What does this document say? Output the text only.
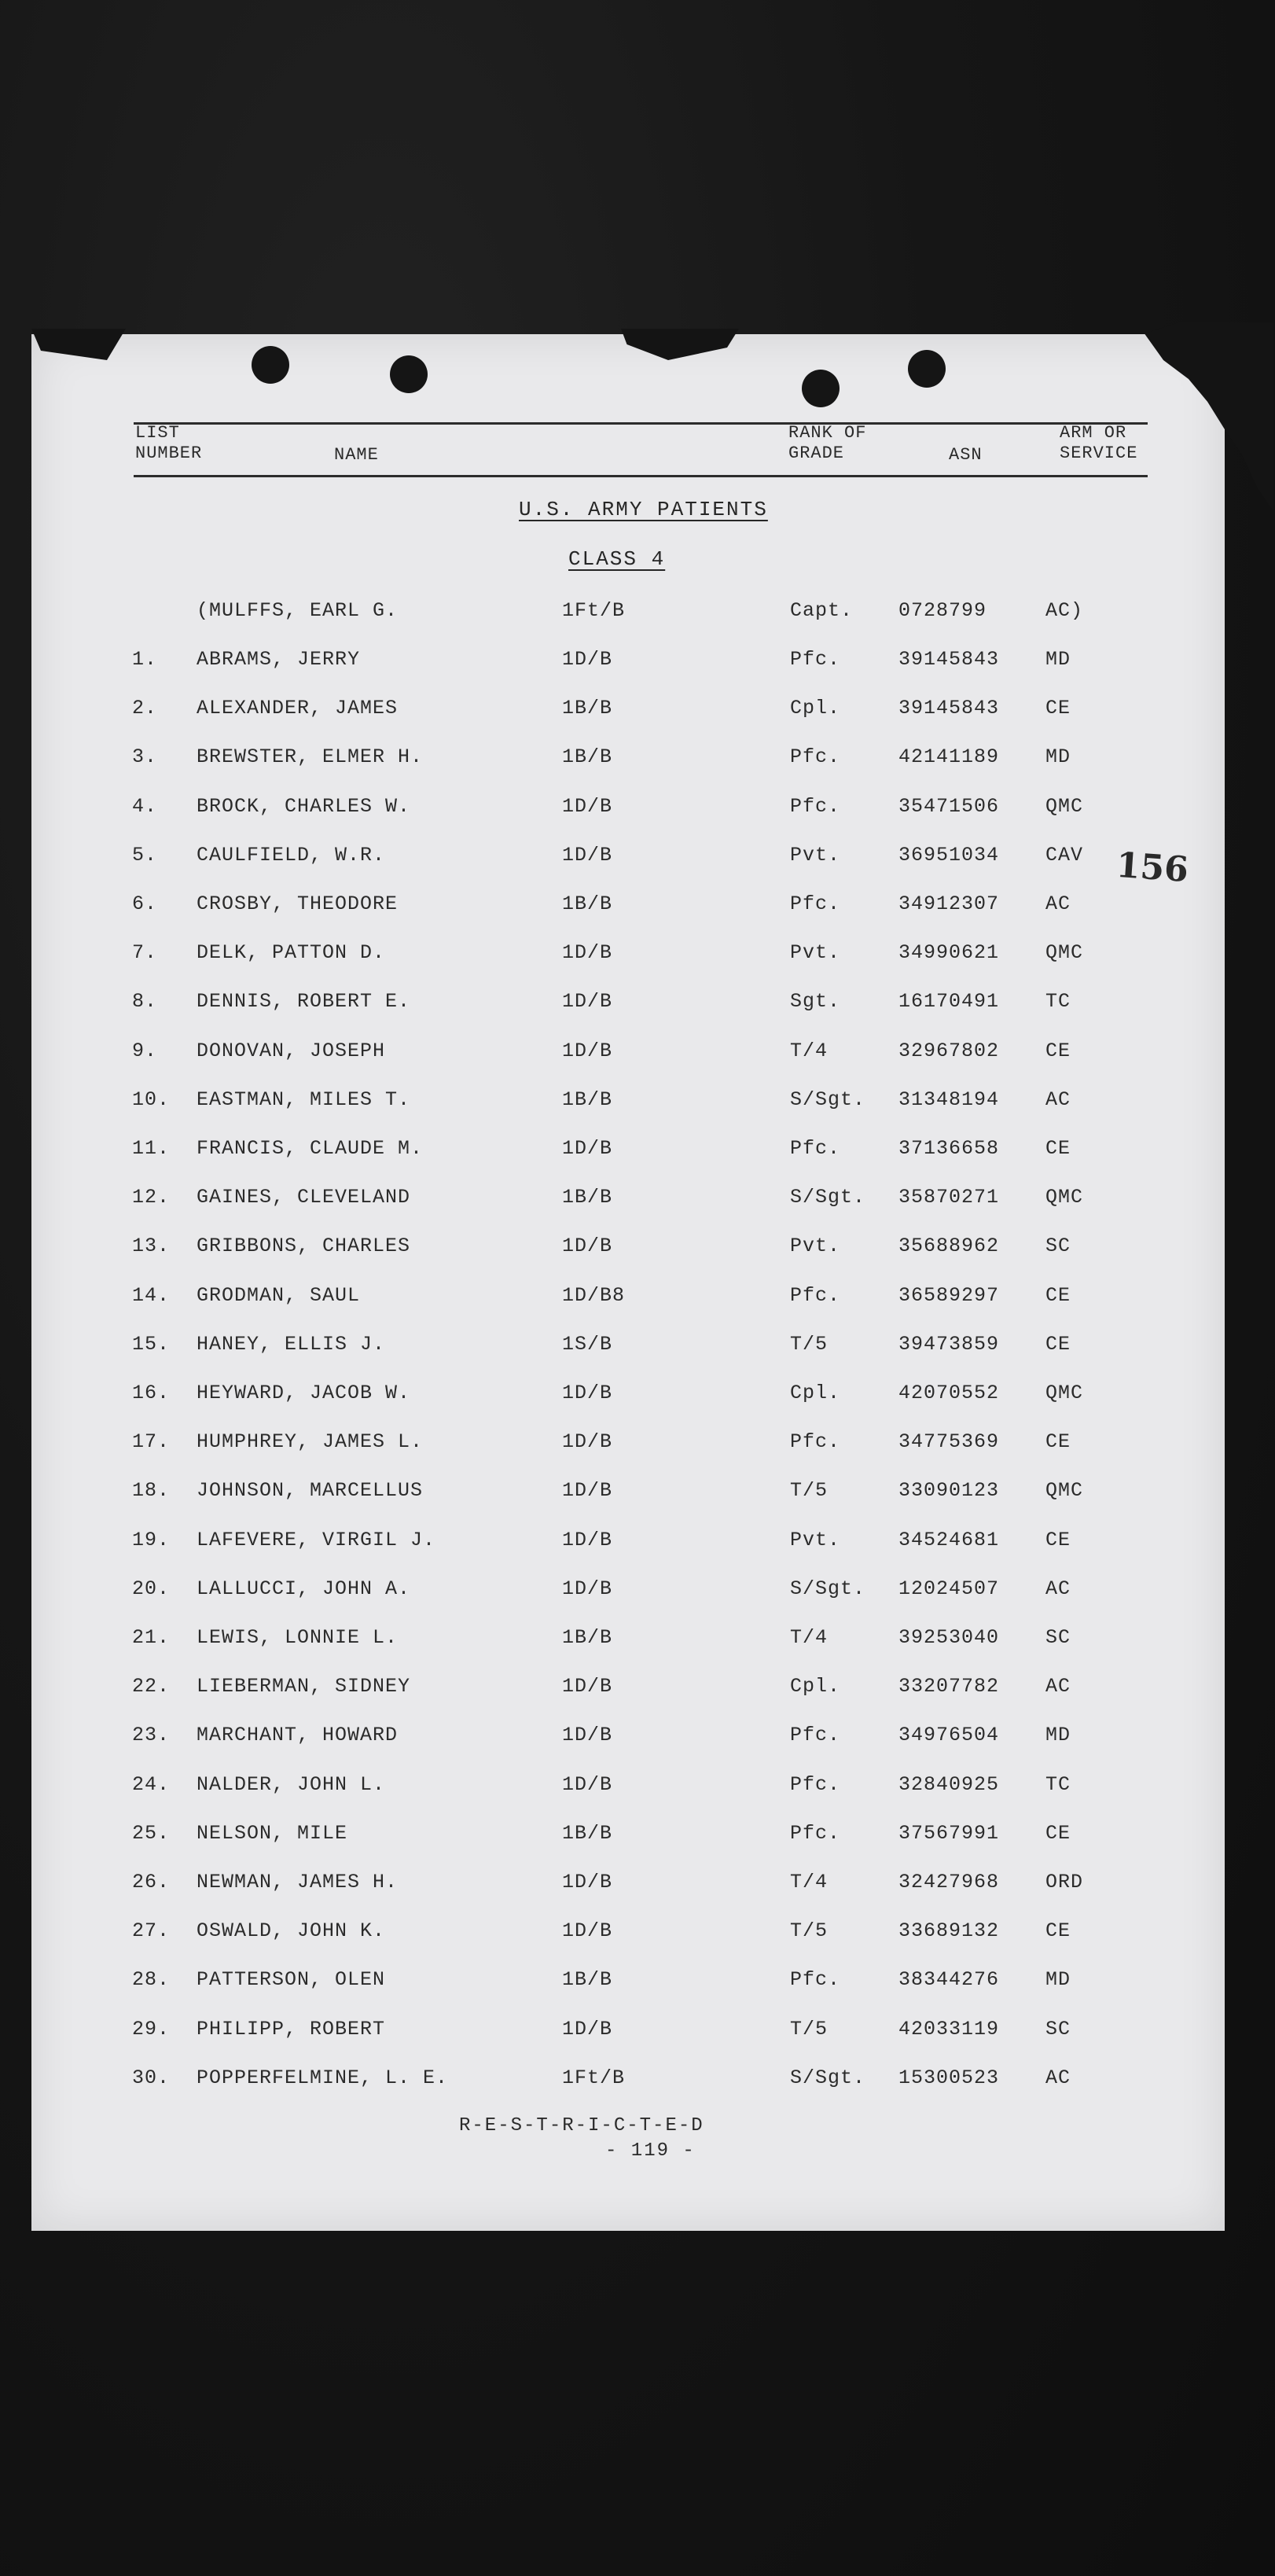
LIST
NUMBER	NAME
RANK OF
GRADE	ASN
ARM OR
SERVICE
U.S. ARMY PATIENTS
CLASS 4
156
(MULFFS, EARL G.	1Ft/B	Capt. 0728799	AC)
1. ABRAMS, JERRY	1D/B	Pfc.	39145843 MD
2. ALEXANDER, JAMES	1B/B	Cpl.	39145843 CE
3. BREWSTER, ELMER H.	1B/B	Pfc.	42141189 MD
4. BROCK, CHARLES W.	1D/B	Pfc.	35471506 QMC
5. CAULFIELD, W.R.	1D/B	Pvt.	36951034 CAV
6. CROSBY, THEODORE	1B/B	Pfc.	34912307 AC
7. DELK, PATTON D.	1D/B	Pvt.	34990621 QMC
8. DENNIS, ROBERT E.	1D/B	Sgt.	16170491 TC
9. DONOVAN, JOSEPH	1D/B	T/4	32967802 CE
10. EASTMAN, MILES T.	1B/B	S/Sgt. 31348194 AC
11. FRANCIS, CLAUDE M.	1D/B	Pfc.	37136658 CE
12. GAINES, CLEVELAND	1B/B	S/Sgt. 35870271 QMC
13. GRIBBONS, CHARLES	1D/B	Pvt.	35688962 SC
14. GRODMAN, SAUL	1D/B8	Pfc.	36589297 CE
15. HANEY, ELLIS J.	1S/B	T/5	39473859 CE
16. HEYWARD, JACOB W.	1D/B	Cpl.	42070552 QMC
17. HUMPHREY, JAMES L.	1D/B	Pfc.	34775369 CE
18. JOHNSON, MARCELLUS	1D/B	T/5	33090123 QMC
19. LAFEVERE, VIRGIL J.	1D/B	Pvt.	34524681 CE
20. LALLUCCI, JOHN A.	1D/B	S/Sgt. 12024507 AC
21. LEWIS, LONNIE L.	1B/B	T/4	39253040 SC
22. LIEBERMAN, SIDNEY	1D/B	Cpl.	33207782 AC
23. MARCHANT, HOWARD	1D/B	Pfc.	34976504 MD
24. NALDER, JOHN L.	1D/B	Pfc.	32840925 TC
25. NELSON, MILE	1B/B	Pfc.	37567991 CE
26. NEWMAN, JAMES H.	1D/B	T/4	32427968 ORD
27. OSWALD, JOHN K.	1D/B	T/5	33689132 CE
28. PATTERSON, OLEN	1B/B	Pfc.	38344276 MD
29. PHILIPP, ROBERT	1D/B	T/5	42033119 SC
30. POPPERFELMINE, L. E.	1Ft/B	S/Sgt. 15300523 AC
R-E-S-T-R-I-C-T-E-D
- 119 -
